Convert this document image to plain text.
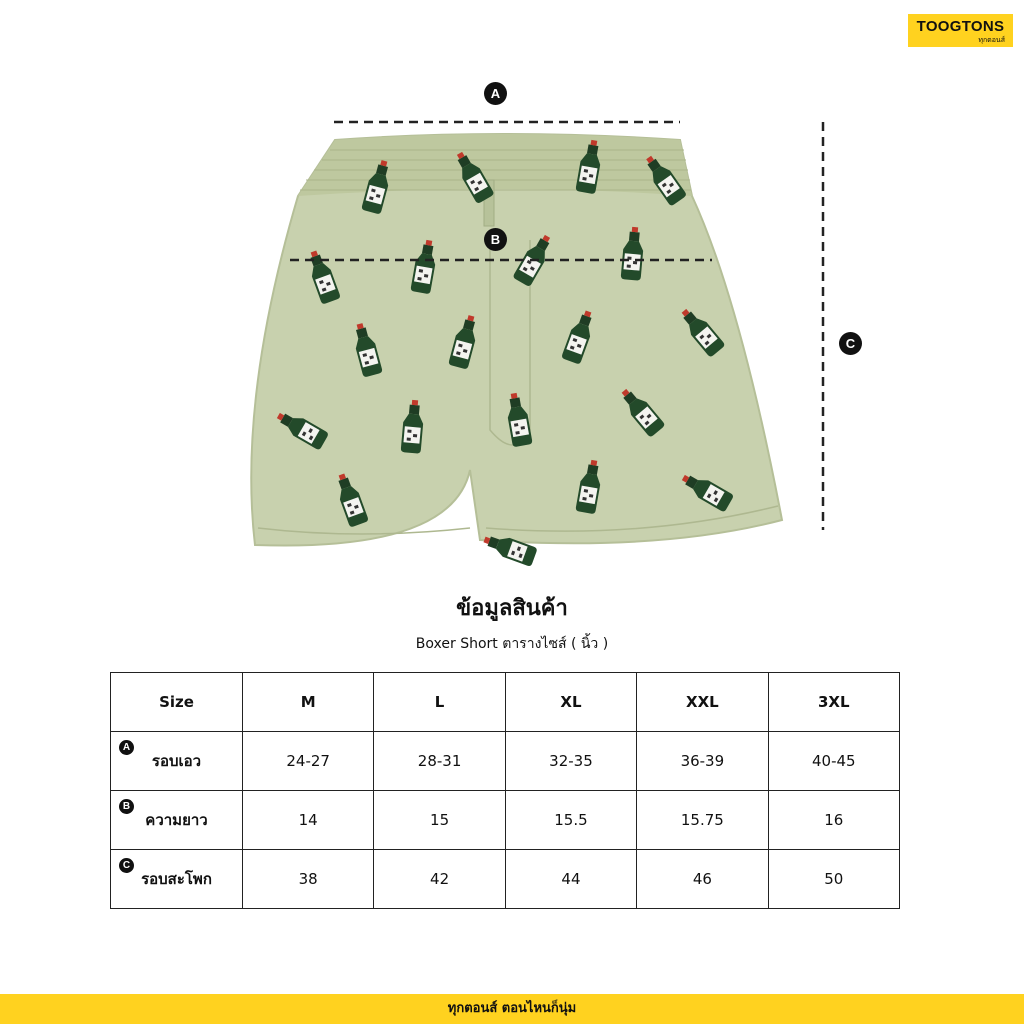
TOOGTONS
ทุกตอนส์
A
B
C
ข้อมูลสินค้า
Boxer Short ตารางไซส์ ( นิ้ว )
Size	M	L	XL	XXL	3XL

A
รอบเอว	24-27	28-31	32-35	36-39	40-45

B
ความยาว	14	15	15.5	15.75	16

C
รอบสะโพก	38	42	44	46	50
ทุกตอนส์ ตอนไหนก็นุ่ม
